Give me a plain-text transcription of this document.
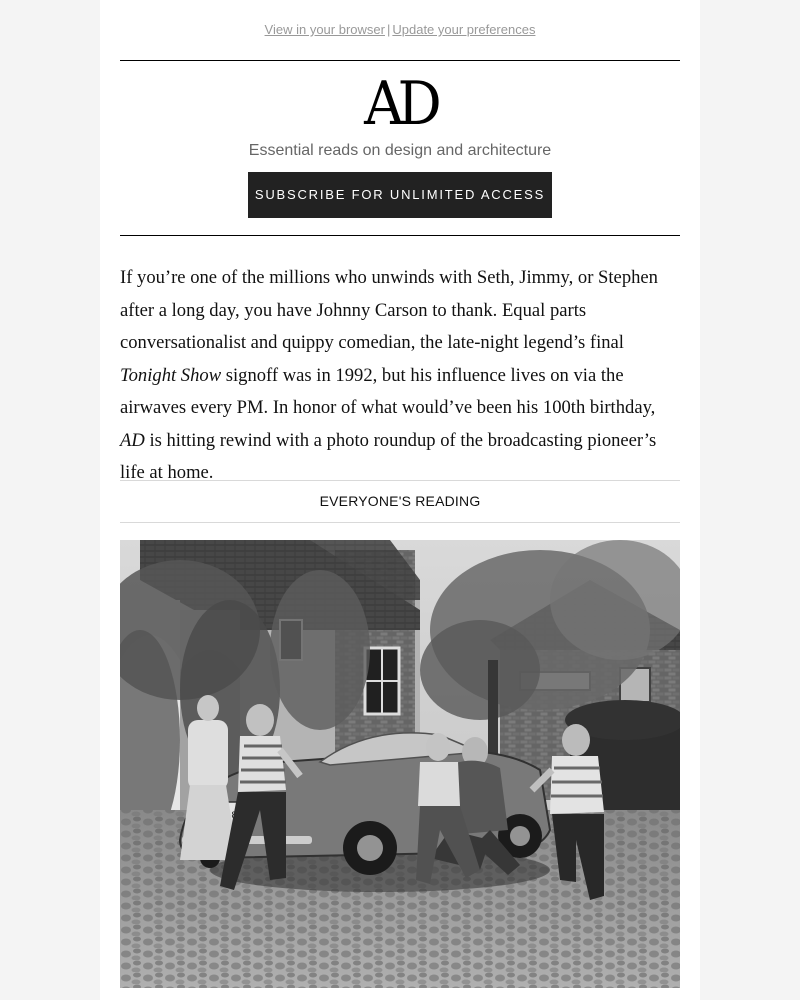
View in your browser | Update your preferences
AD
Essential reads on design and architecture
SUBSCRIBE FOR UNLIMITED ACCESS

If you’re one of the millions who unwinds with Seth, Jimmy, or Stephen after a long day, you have Johnny Carson to thank. Equal parts conversationalist and quippy comedian, the late-night legend’s final Tonight Show signoff was in 1992, but his influence lives on via the airwaves every PM. In honor of what would’ve been his 100th birthday, AD is hitting rewind with a photo roundup of the broadcasting pioneer’s life at home.

EVERYONE'S READING
